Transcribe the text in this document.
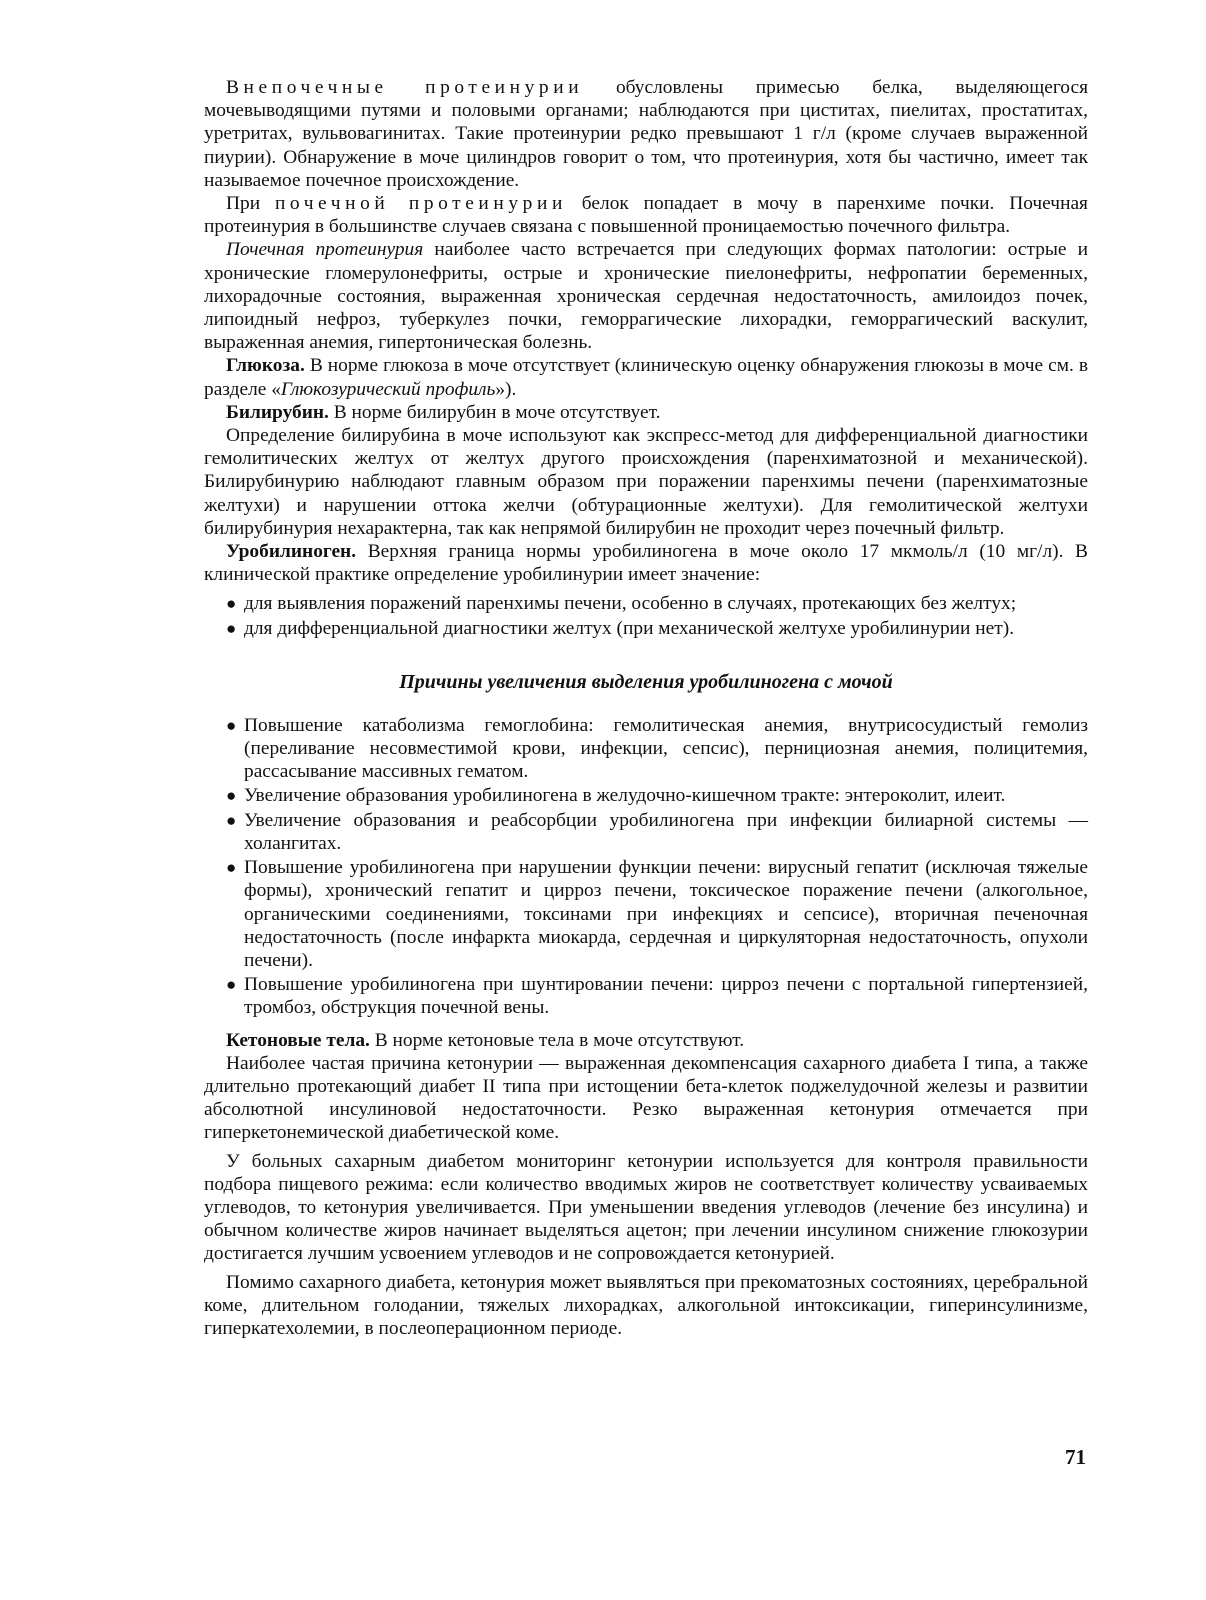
Внепочечные протеинурии обусловлены примесью белка, выделяющегося мочевыводящими путями и половыми органами; наблюдаются при циститах, пиелитах, простатитах, уретритах, вульвовагинитах. Такие протеинурии редко превышают 1 г/л (кроме случаев выраженной пиурии). Обнаружение в моче цилиндров говорит о том, что протеинурия, хотя бы частично, имеет так называемое почечное происхождение.

При почечной протеинурии белок попадает в мочу в паренхиме почки. Почечная протеинурия в большинстве случаев связана с повышенной проницаемостью почечного фильтра.

Почечная протеинурия наиболее часто встречается при следующих формах патологии: острые и хронические гломерулонефриты, острые и хронические пиелонефриты, нефропатии беременных, лихорадочные состояния, выраженная хроническая сердечная недостаточность, амилоидоз почек, липоидный нефроз, туберкулез почки, геморрагические лихорадки, геморрагический васкулит, выраженная анемия, гипертоническая болезнь.

Глюкоза. В норме глюкоза в моче отсутствует (клиническую оценку обнаружения глюкозы в моче см. в разделе «Глюкозурический профиль»).

Билирубин. В норме билирубин в моче отсутствует.

Определение билирубина в моче используют как экспресс-метод для дифференциальной диагностики гемолитических желтух от желтух другого происхождения (паренхиматозной и механической). Билирубинурию наблюдают главным образом при поражении паренхимы печени (паренхиматозные желтухи) и нарушении оттока желчи (обтурационные желтухи). Для гемолитической желтухи билирубинурия нехарактерна, так как непрямой билирубин не проходит через почечный фильтр.

Уробилиноген. Верхняя граница нормы уробилиногена в моче около 17 мкмоль/л (10 мг/л). В клинической практике определение уробилинурии имеет значение:

● для выявления поражений паренхимы печени, особенно в случаях, протекающих без желтух;
● для дифференциальной диагностики желтух (при механической желтухе уробилинурии нет).
Причины увеличения выделения уробилиногена с мочой
● Повышение катаболизма гемоглобина: гемолитическая анемия, внутрисосудистый гемолиз (переливание несовместимой крови, инфекции, сепсис), пернициозная анемия, полицитемия, рассасывание массивных гематом.
● Увеличение образования уробилиногена в желудочно-кишечном тракте: энтероколит, илеит.
● Увеличение образования и реабсорбции уробилиногена при инфекции билиарной системы — холангитах.
● Повышение уробилиногена при нарушении функции печени: вирусный гепатит (исключая тяжелые формы), хронический гепатит и цирроз печени, токсическое поражение печени (алкогольное, органическими соединениями, токсинами при инфекциях и сепсисе), вторичная печеночная недостаточность (после инфаркта миокарда, сердечная и циркуляторная недостаточность, опухоли печени).
● Повышение уробилиногена при шунтировании печени: цирроз печени с портальной гипертензией, тромбоз, обструкция почечной вены.

Кетоновые тела. В норме кетоновые тела в моче отсутствуют.

Наиболее частая причина кетонурии — выраженная декомпенсация сахарного диабета I типа, а также длительно протекающий диабет II типа при истощении бета-клеток поджелудочной железы и развитии абсолютной инсулиновой недостаточности. Резко выраженная кетонурия отмечается при гиперкетонемической диабетической коме.

У больных сахарным диабетом мониторинг кетонурии используется для контроля правильности подбора пищевого режима: если количество вводимых жиров не соответствует количеству усваиваемых углеводов, то кетонурия увеличивается. При уменьшении введения углеводов (лечение без инсулина) и обычном количестве жиров начинает выделяться ацетон; при лечении инсулином снижение глюкозурии достигается лучшим усвоением углеводов и не сопровождается кетонурией.

Помимо сахарного диабета, кетонурия может выявляться при прекоматозных состояниях, церебральной коме, длительном голодании, тяжелых лихорадках, алкогольной интоксикации, гиперинсулинизме, гиперкатехолемии, в послеоперационном периоде.

71
